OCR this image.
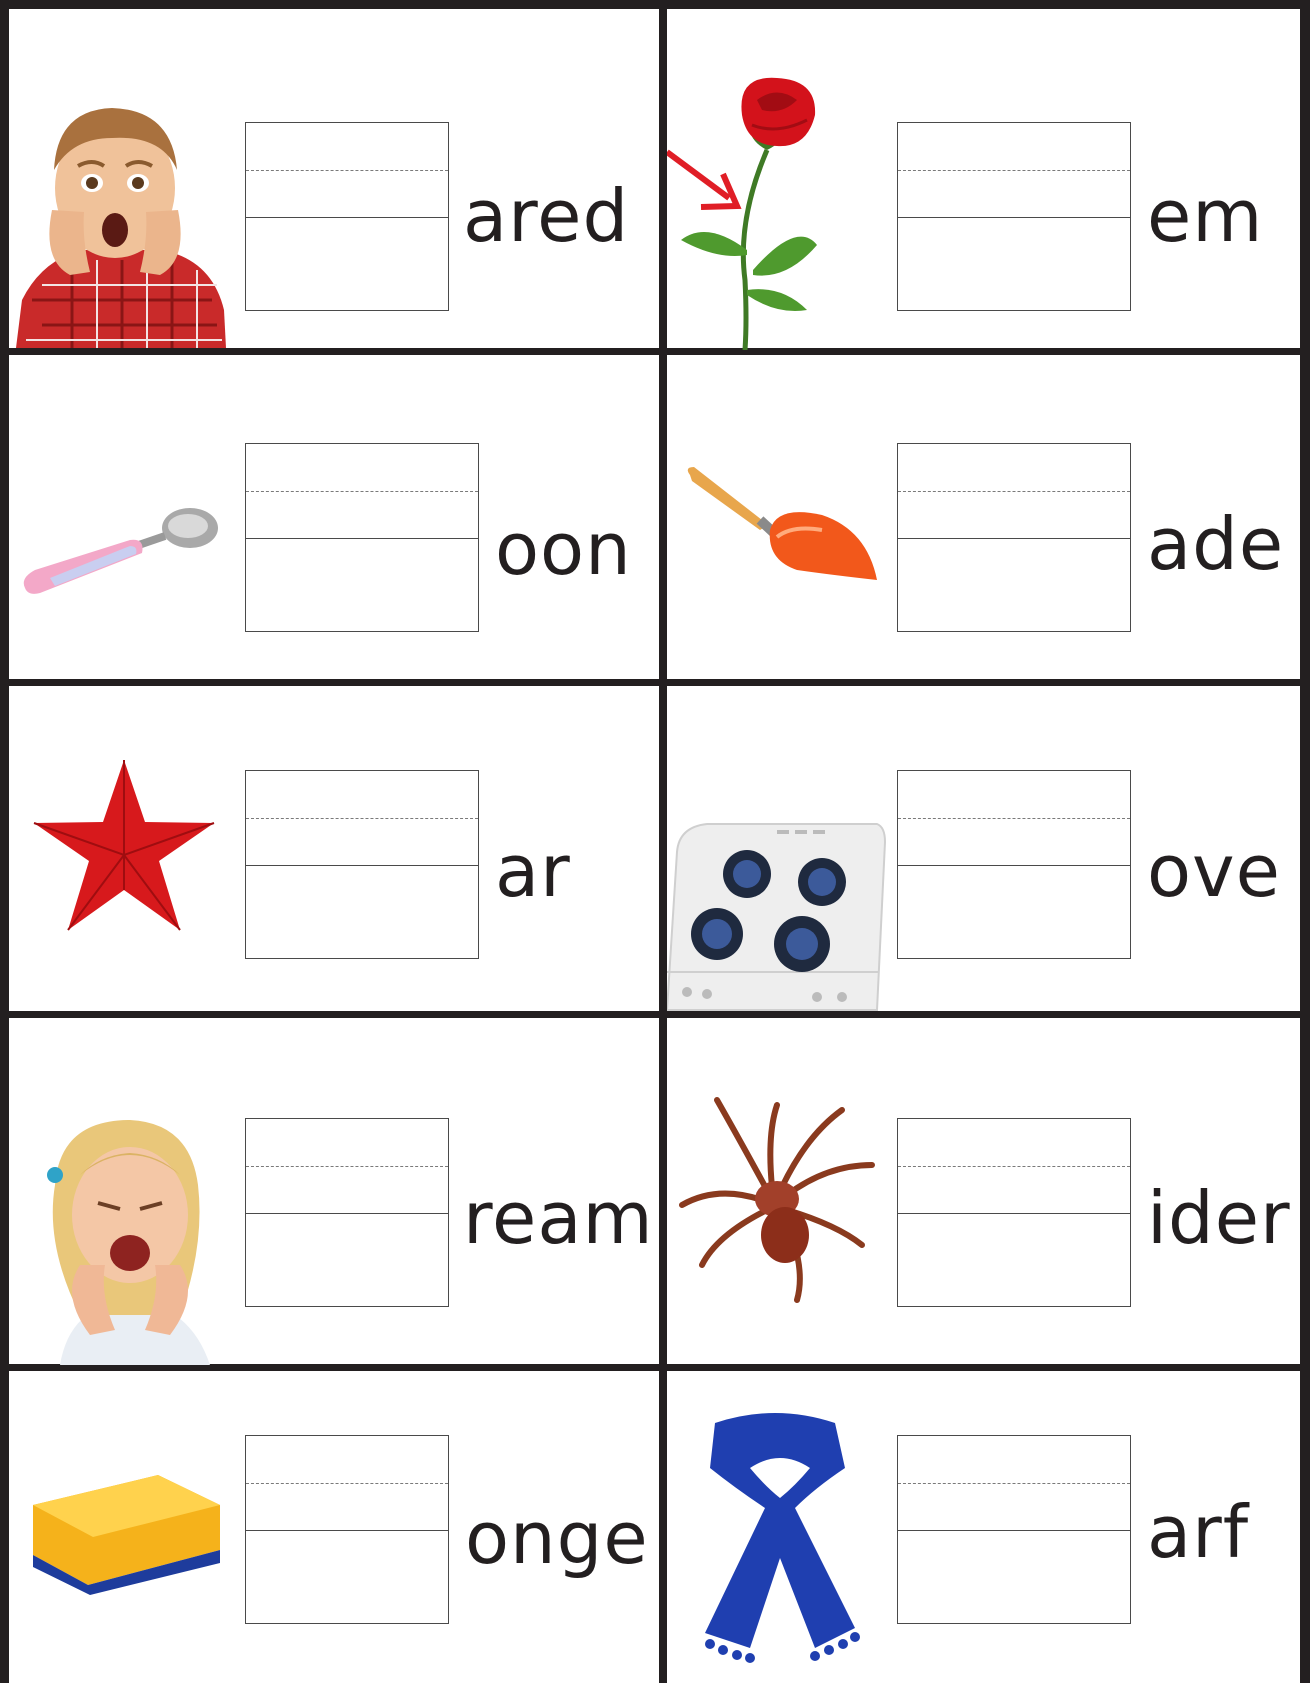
ared	em
oon	ade
ar	ove
ream	ider
onge	arf
